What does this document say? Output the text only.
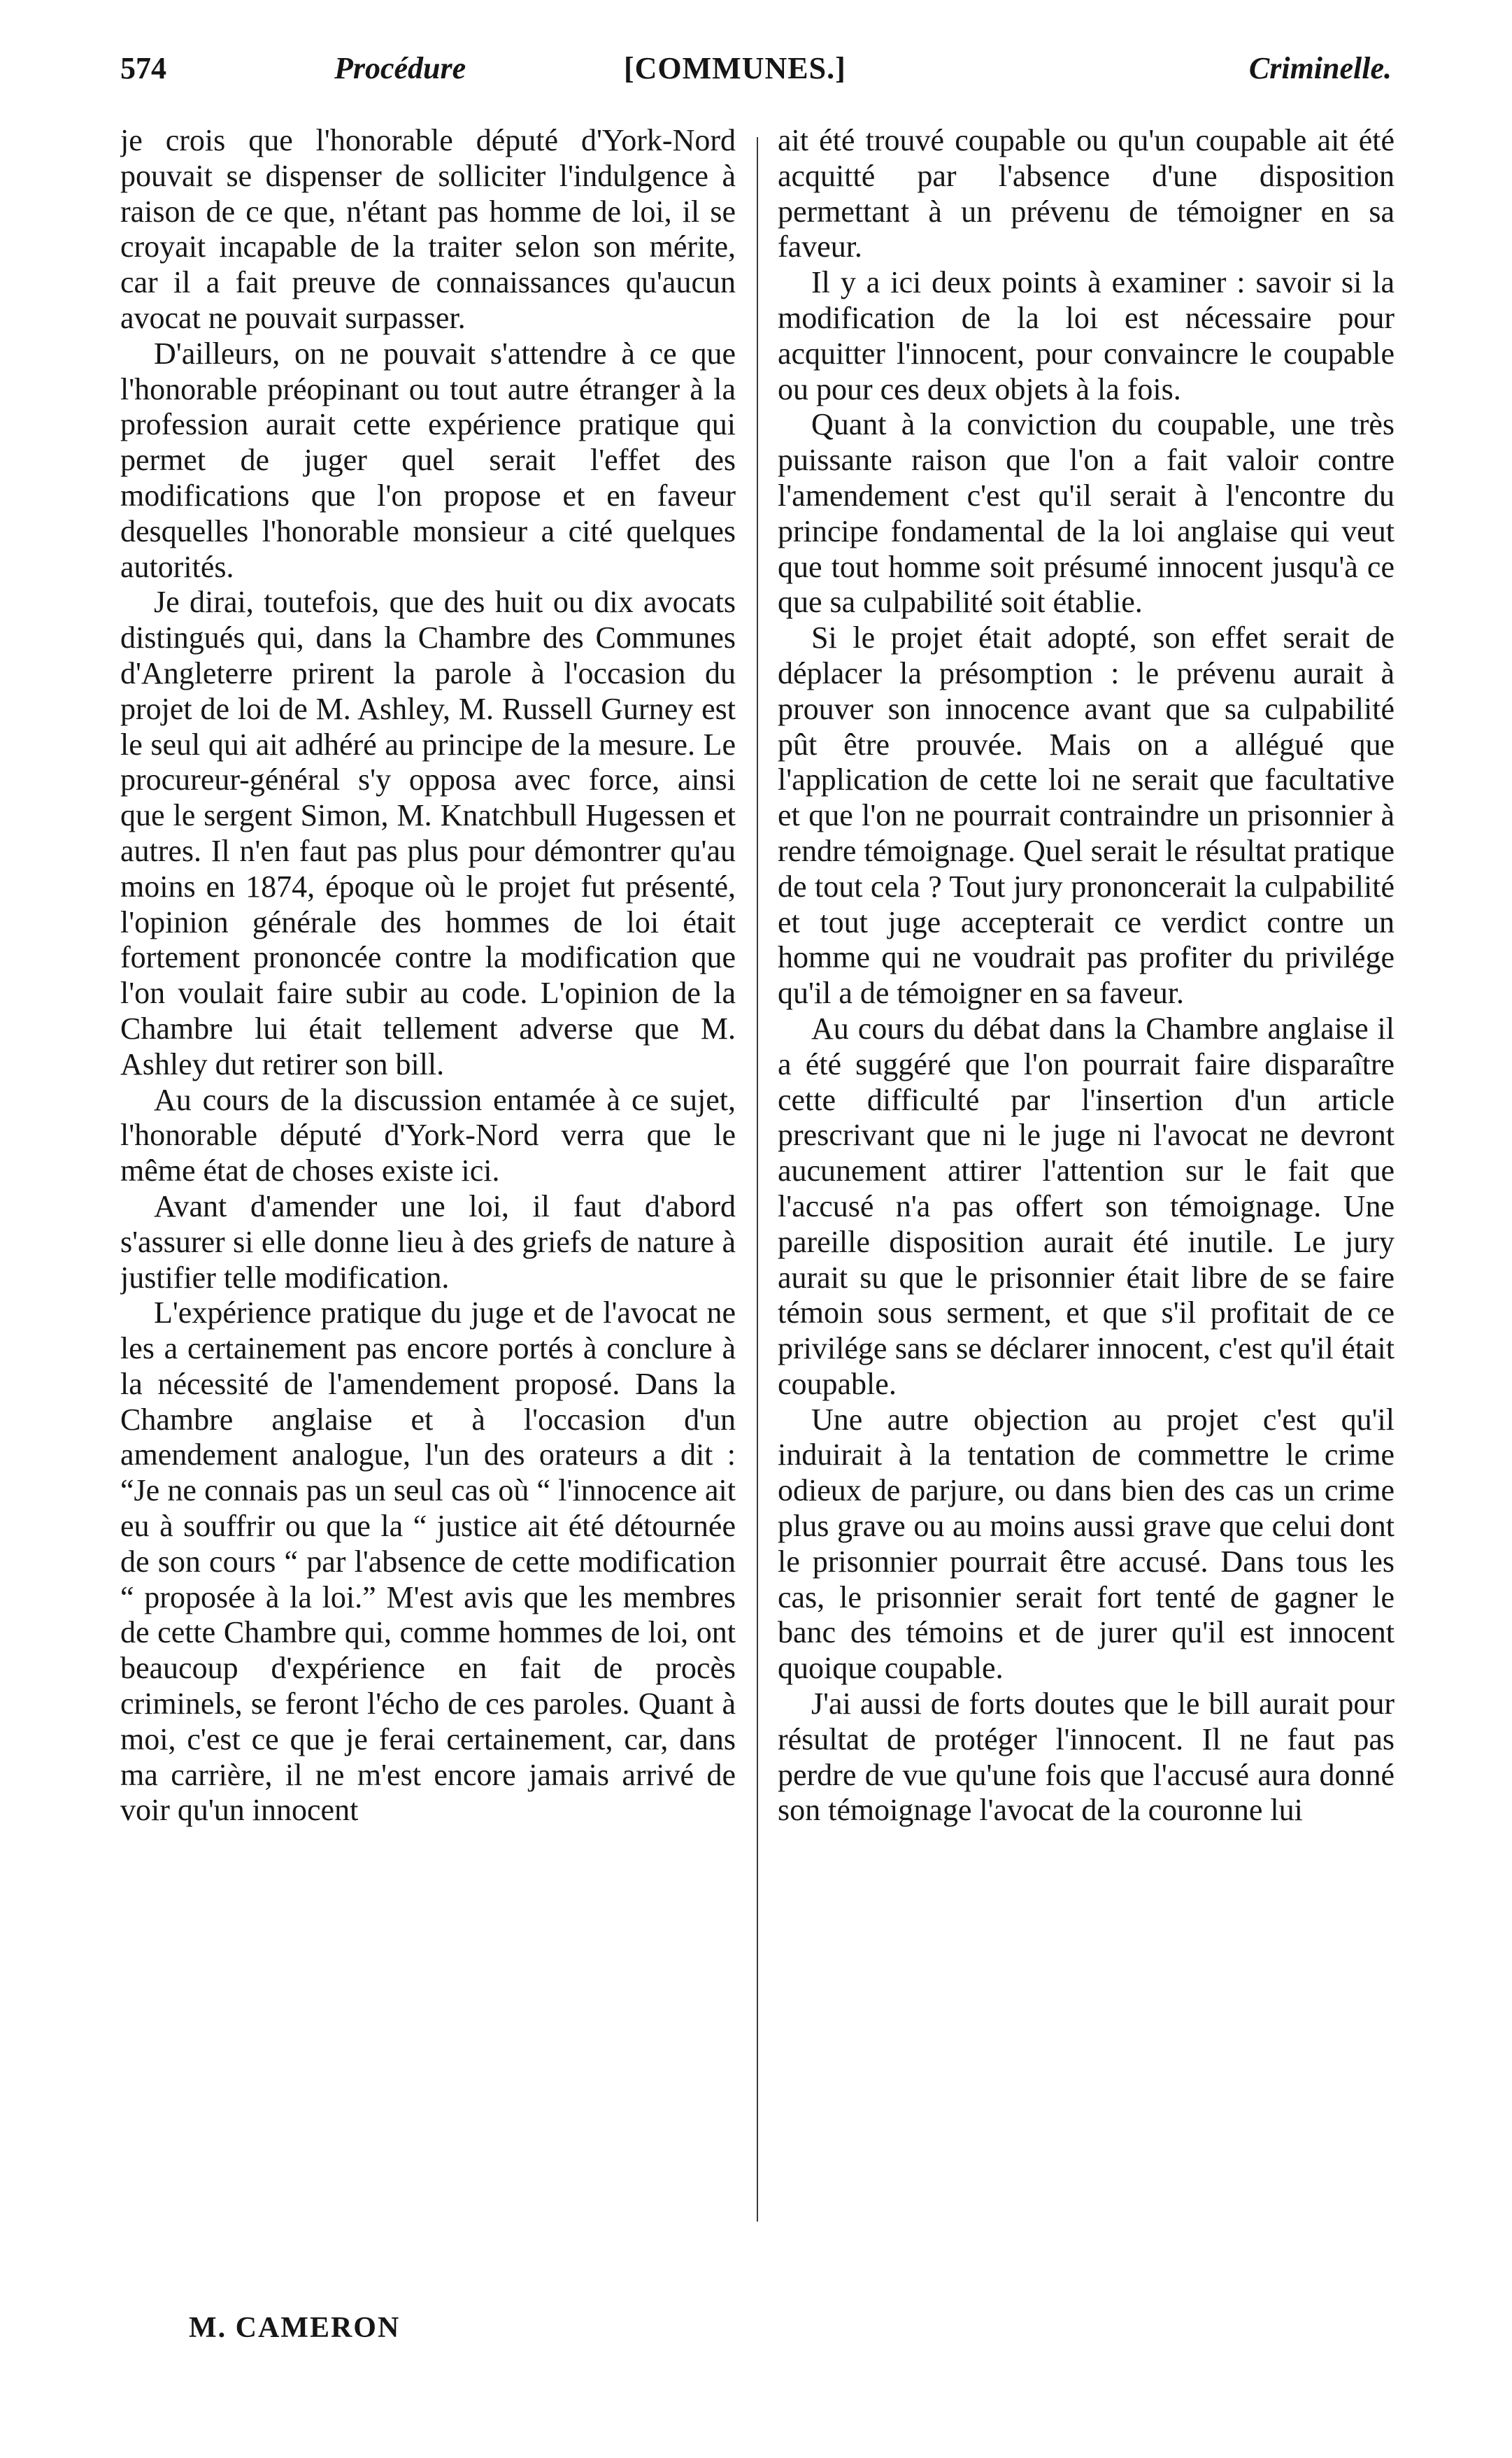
574	Procédure	[COMMUNES.]	Criminelle.

je crois que l'honorable député d'York-Nord pouvait se dispenser de solliciter l'indulgence à raison de ce que, n'étant pas homme de loi, il se croyait incapable de la traiter selon son mérite, car il a fait preuve de connaissances qu'aucun avocat ne pouvait surpasser.

D'ailleurs, on ne pouvait s'attendre à ce que l'honorable préopinant ou tout autre étranger à la profession aurait cette expérience pratique qui permet de juger quel serait l'effet des modifications que l'on propose et en faveur desquelles l'honorable monsieur a cité quelques autorités.

Je dirai, toutefois, que des huit ou dix avocats distingués qui, dans la Chambre des Communes d'Angleterre prirent la parole à l'occasion du projet de loi de M. Ashley, M. Russell Gurney est le seul qui ait adhéré au principe de la mesure. Le procureur-général s'y opposa avec force, ainsi que le sergent Simon, M. Knatchbull Hugessen et autres. Il n'en faut pas plus pour démontrer qu'au moins en 1874, époque où le projet fut présenté, l'opinion générale des hommes de loi était fortement prononcée contre la modification que l'on voulait faire subir au code. L'opinion de la Chambre lui était tellement adverse que M. Ashley dut retirer son bill.

Au cours de la discussion entamée à ce sujet, l'honorable député d'York-Nord verra que le même état de choses existe ici.

Avant d'amender une loi, il faut d'abord s'assurer si elle donne lieu à des griefs de nature à justifier telle modification.

L'expérience pratique du juge et de l'avocat ne les a certainement pas encore portés à conclure à la nécessité de l'amendement proposé. Dans la Chambre anglaise et à l'occasion d'un amendement analogue, l'un des orateurs a dit : “Je ne connais pas un seul cas où “ l'innocence ait eu à souffrir ou que la “ justice ait été détournée de son cours “ par l'absence de cette modification “ proposée à la loi.” M'est avis que les membres de cette Chambre qui, comme hommes de loi, ont beaucoup d'expérience en fait de procès criminels, se feront l'écho de ces paroles. Quant à moi, c'est ce que je ferai certainement, car, dans ma carrière, il ne m'est encore jamais arrivé de voir qu'un innocent

ait été trouvé coupable ou qu'un coupable ait été acquitté par l'absence d'une disposition permettant à un prévenu de témoigner en sa faveur.

Il y a ici deux points à examiner : savoir si la modification de la loi est nécessaire pour acquitter l'innocent, pour convaincre le coupable ou pour ces deux objets à la fois.

Quant à la conviction du coupable, une très puissante raison que l'on a fait valoir contre l'amendement c'est qu'il serait à l'encontre du principe fondamental de la loi anglaise qui veut que tout homme soit présumé innocent jusqu'à ce que sa culpabilité soit établie.

Si le projet était adopté, son effet serait de déplacer la présomption : le prévenu aurait à prouver son innocence avant que sa culpabilité pût être prouvée. Mais on a allégué que l'application de cette loi ne serait que facultative et que l'on ne pourrait contraindre un prisonnier à rendre témoignage. Quel serait le résultat pratique de tout cela ? Tout jury prononcerait la culpabilité et tout juge accepterait ce verdict contre un homme qui ne voudrait pas profiter du privilége qu'il a de témoigner en sa faveur.

Au cours du débat dans la Chambre anglaise il a été suggéré que l'on pourrait faire disparaître cette difficulté par l'insertion d'un article prescrivant que ni le juge ni l'avocat ne devront aucunement attirer l'attention sur le fait que l'accusé n'a pas offert son témoignage. Une pareille disposition aurait été inutile. Le jury aurait su que le prisonnier était libre de se faire témoin sous serment, et que s'il profitait de ce privilége sans se déclarer innocent, c'est qu'il était coupable.

Une autre objection au projet c'est qu'il induirait à la tentation de commettre le crime odieux de parjure, ou dans bien des cas un crime plus grave ou au moins aussi grave que celui dont le prisonnier pourrait être accusé. Dans tous les cas, le prisonnier serait fort tenté de gagner le banc des témoins et de jurer qu'il est innocent quoique coupable.

J'ai aussi de forts doutes que le bill aurait pour résultat de protéger l'innocent. Il ne faut pas perdre de vue qu'une fois que l'accusé aura donné son témoignage l'avocat de la couronne lui

M. CAMERON
